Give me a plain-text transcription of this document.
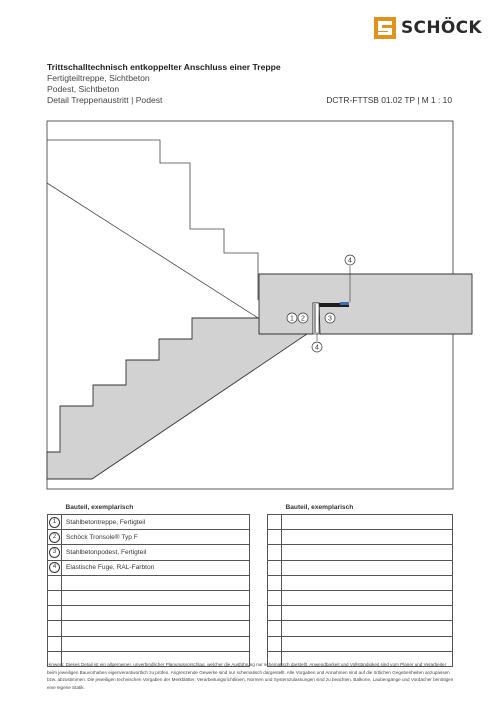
SCHÖCK
Trittschalltechnisch entkoppelter Anschluss einer Treppe
Fertigteiltreppe, Sichtbeton
Podest, Sichtbeton
Detail Treppenaustritt | Podest	DCTR-FTTSB 01.02 TP | M 1 : 10
1 2	3
4
4
	Bauteil, exemplarisch
1	Stahlbetontreppe, Fertigteil
2	Schöck Tronsole® Typ F
3	Stahlbetonpodest, Fertigteil
4	Elastische Fuge, RAL-Farbton

	Bauteil, exemplarisch

Hinweis: Dieses Detail ist ein allgemeiner, unverbindlicher Planungsvorschlag, welcher die Ausführung nur schematisch darstellt. Anwendbarkeit und Vollständigkeit sind vom Planer und Verarbeiter beim jeweiligen Bauvorhaben eigenverantwortlich zu prüfen. Angrenzende Gewerke sind nur schematisch dargestellt. Alle Vorgaben und Annahmen sind auf die örtlichen Gegebenheiten anzupassen bzw. abzustimmen. Die jeweiligen technischen Vorgaben der Merkblätter, Verarbeitungsrichtlinien, Normen und Systemzulassungen sind zu beachten. Balkone, Laubengänge und Vordächer benötigen eine eigene Statik.
